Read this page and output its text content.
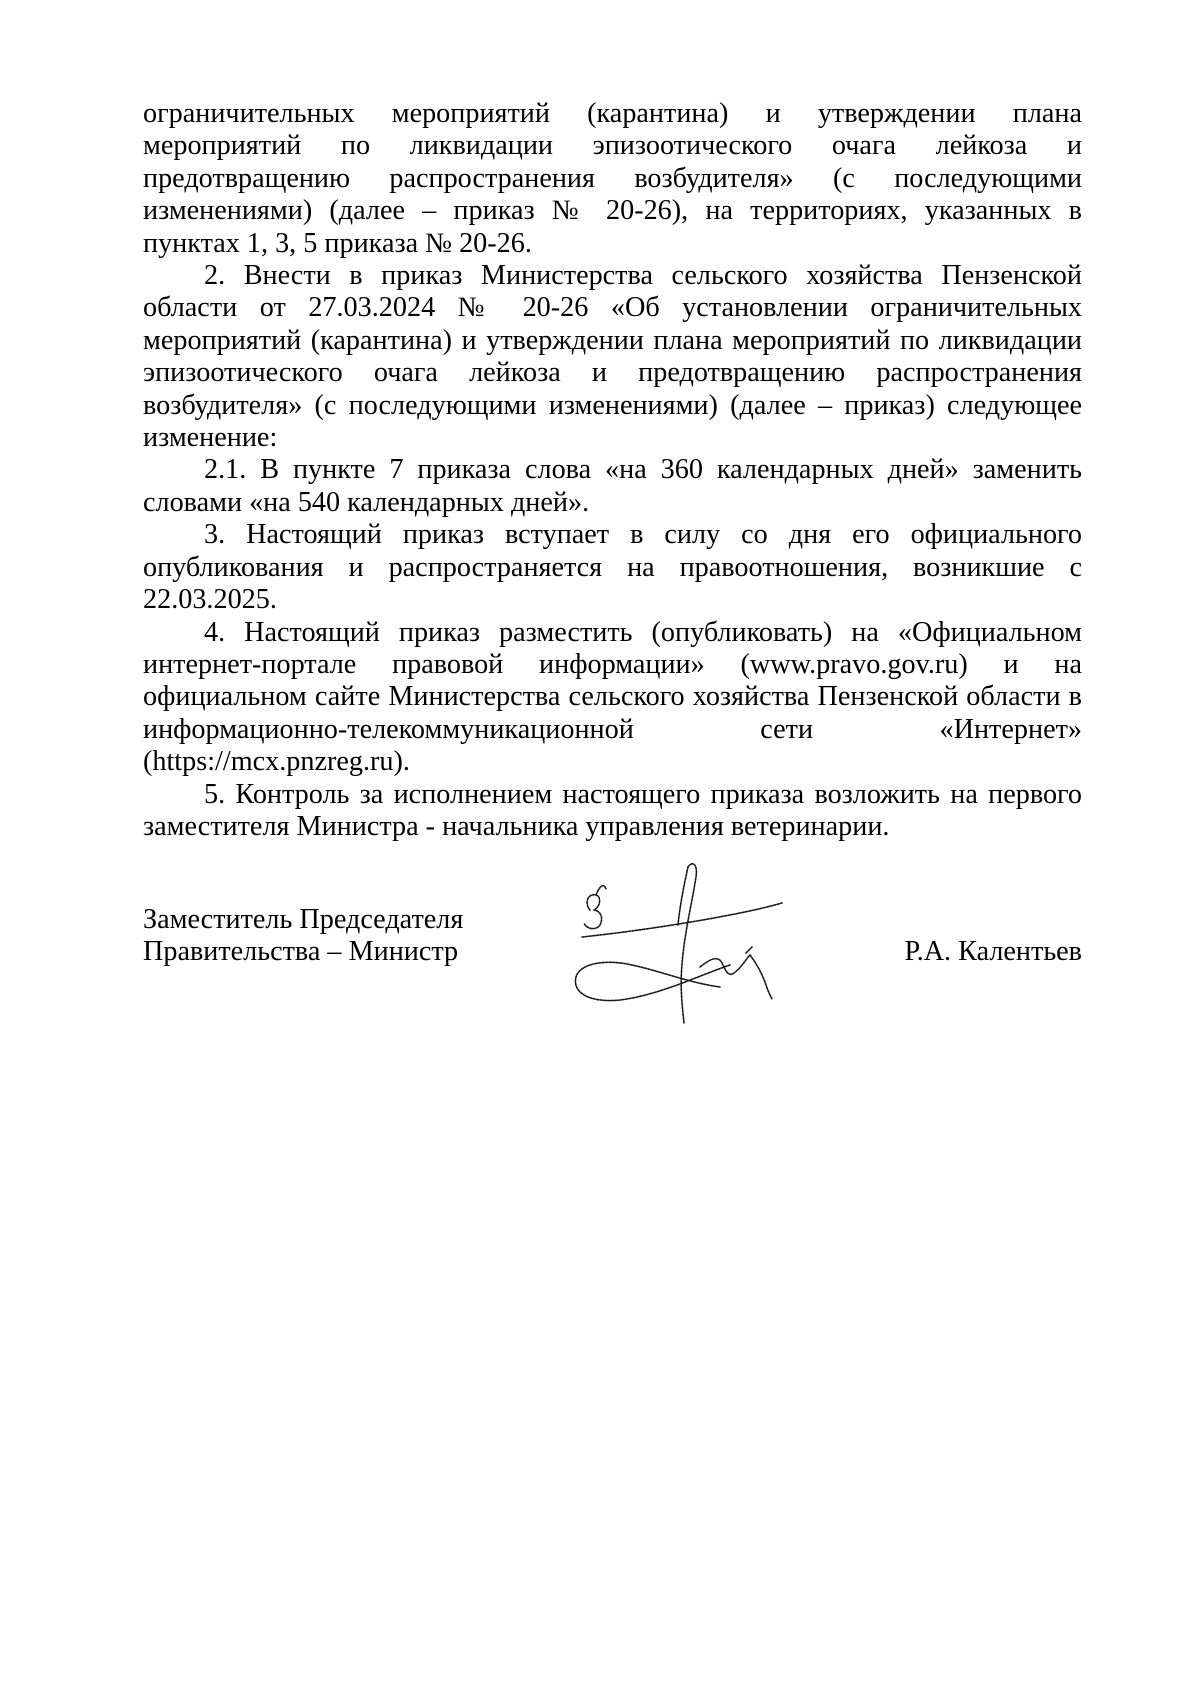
ограничительных мероприятий (карантина) и утверждении плана мероприятий по ликвидации эпизоотического очага лейкоза и предотвращению распространения возбудителя» (с последующими изменениями) (далее – приказ № 20-26), на территориях, указанных в пунктах 1, 3, 5 приказа № 20-26.

2. Внести в приказ Министерства сельского хозяйства Пензенской области от 27.03.2024 № 20-26 «Об установлении ограничительных мероприятий (карантина) и утверждении плана мероприятий по ликвидации эпизоотического очага лейкоза и предотвращению распространения возбудителя» (с последующими изменениями) (далее – приказ) следующее изменение:

2.1. В пункте 7 приказа слова «на 360 календарных дней» заменить словами «на 540 календарных дней».

3. Настоящий приказ вступает в силу со дня его официального опубликования и распространяется на правоотношения, возникшие с 22.03.2025.

4. Настоящий приказ разместить (опубликовать) на «Официальном интернет-портале правовой информации» (www.pravo.gov.ru) и на официальном сайте Министерства сельского хозяйства Пензенской области в информационно-телекоммуникационной сети «Интернет» (https://mcx.pnzreg.ru).

5. Контроль за исполнением настоящего приказа возложить на первого заместителя Министра - начальника управления ветеринарии.

Заместитель Председателя
Правительства – Министр	Р.А. Калентьев
